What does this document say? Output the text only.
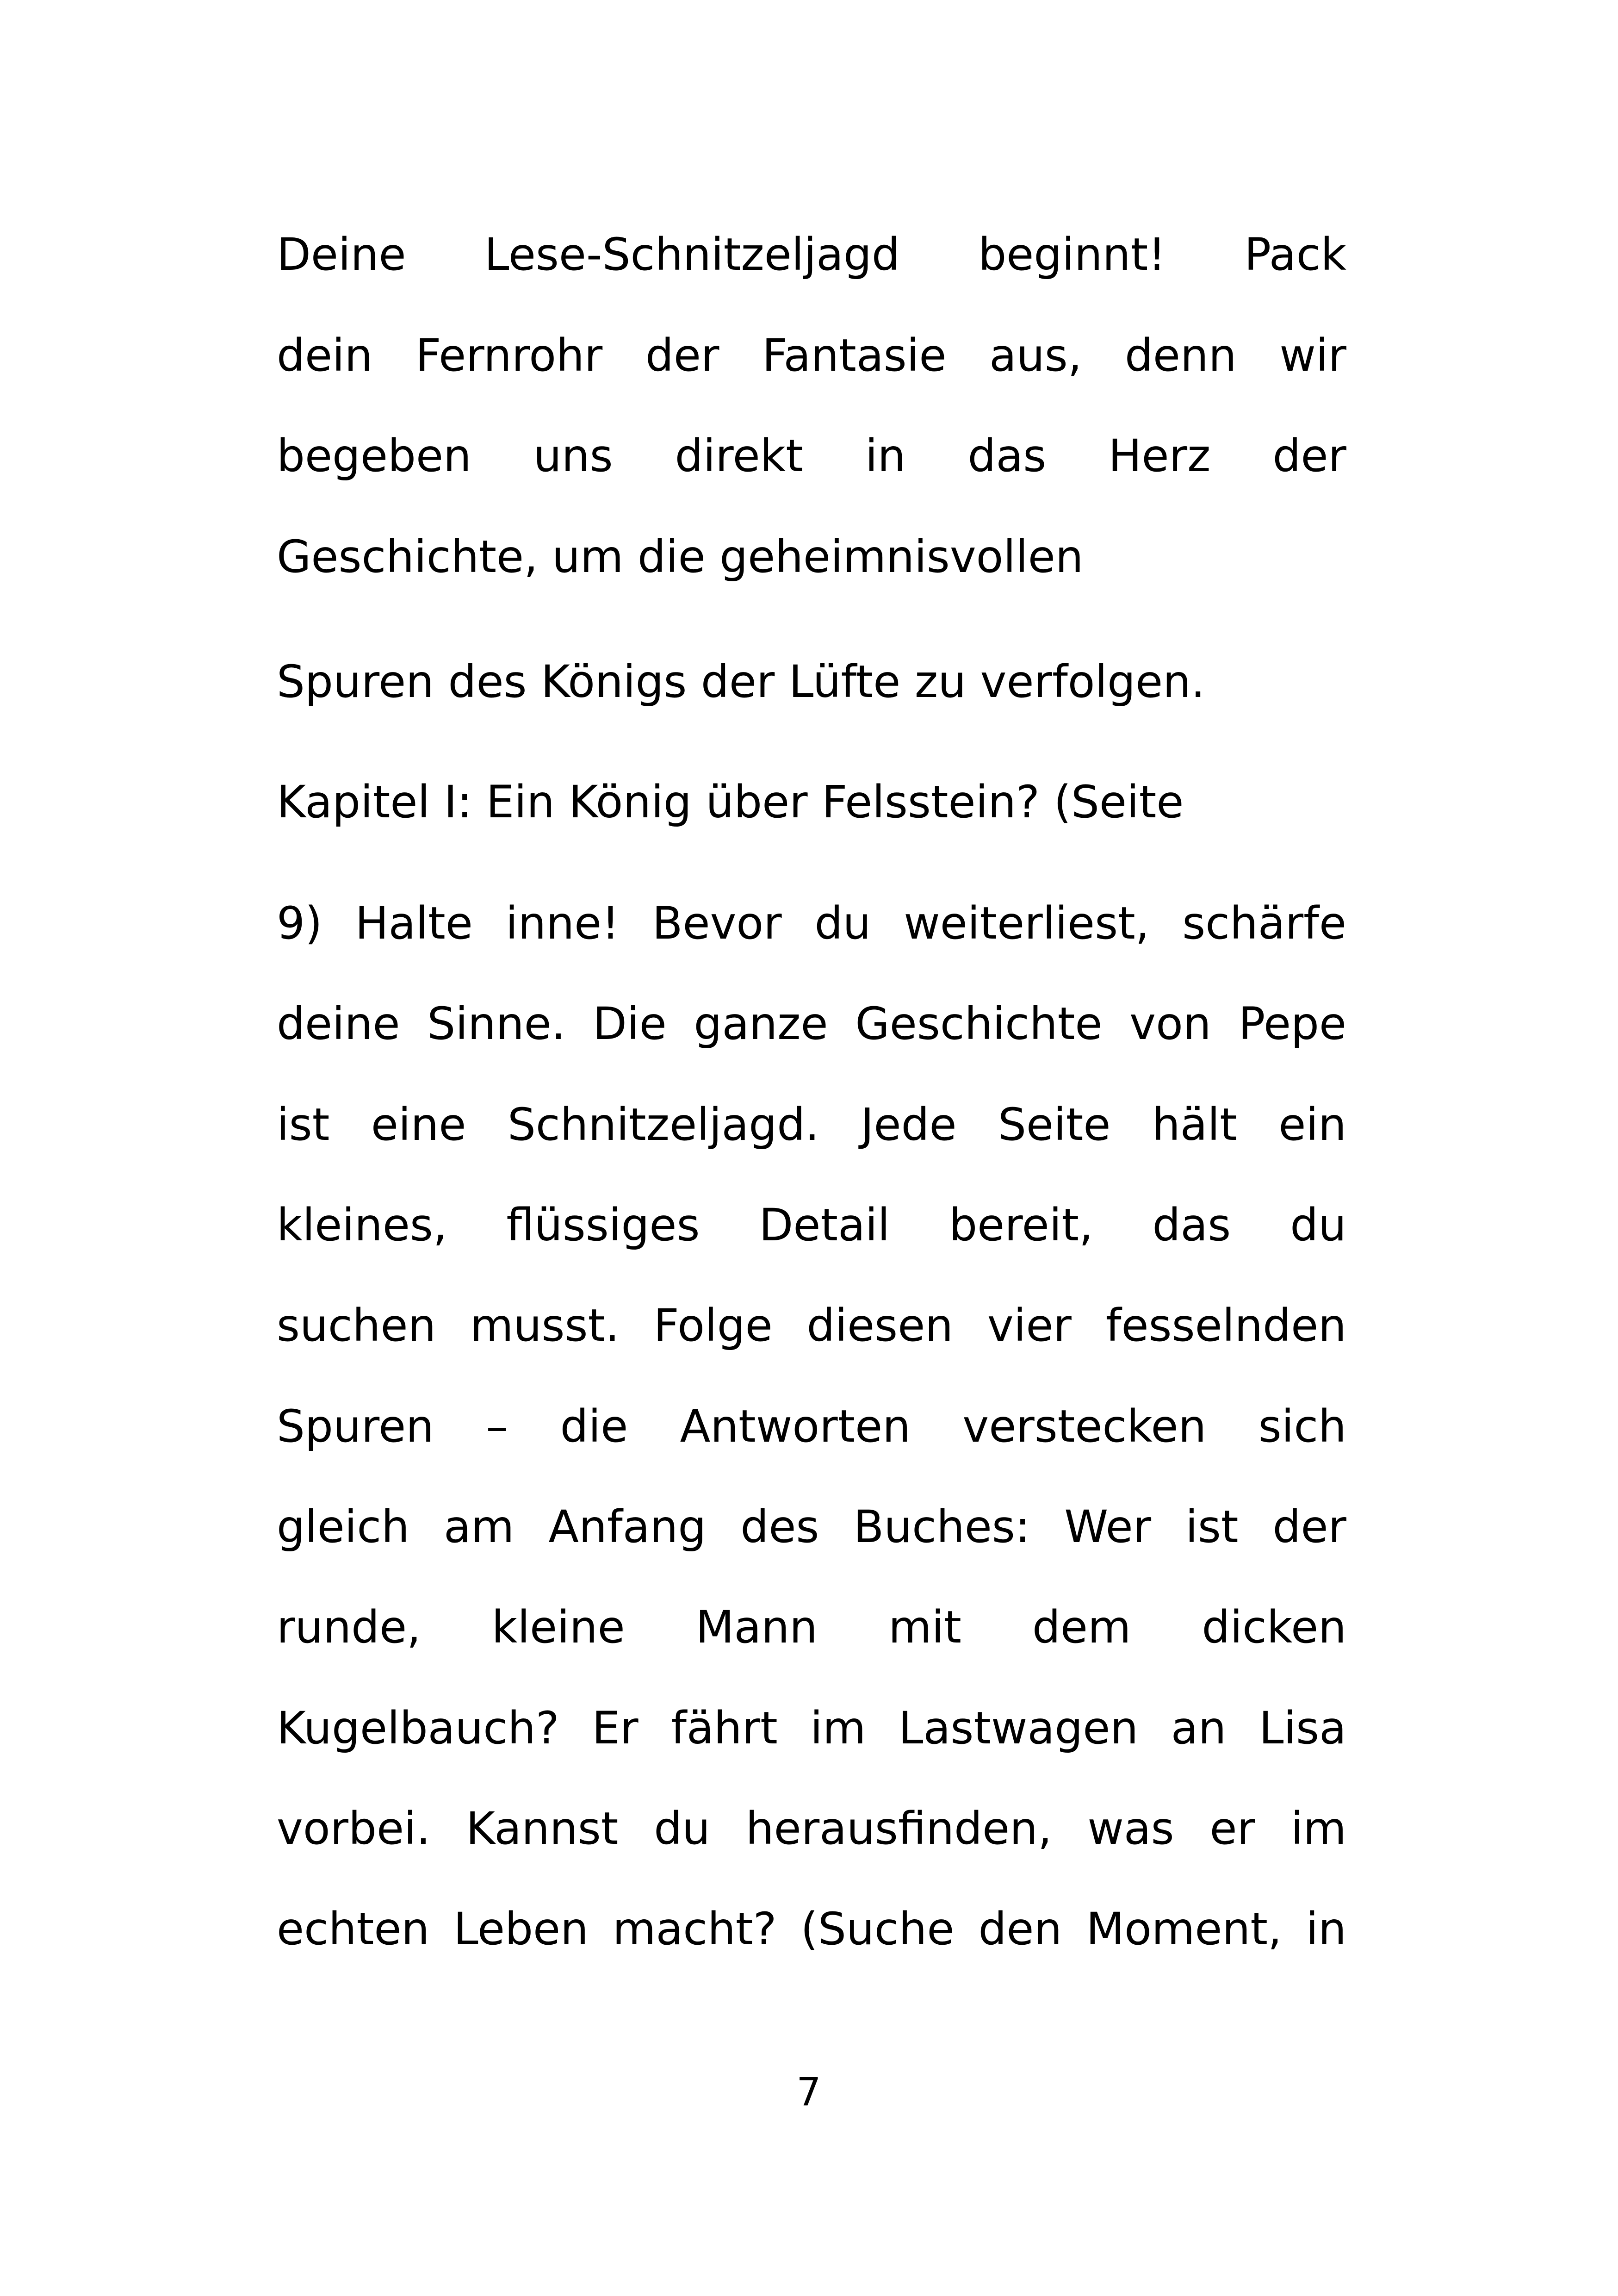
Deine Lese-Schnitzeljagd beginnt! Pack
dein Fernrohr der Fantasie aus, denn wir
begeben uns direkt in das Herz der
Geschichte, um die geheimnisvollen
Spuren des Königs der Lüfte zu verfolgen.
Kapitel I: Ein König über Felsstein? (Seite
9) Halte inne! Bevor du weiterliest, schärfe
deine Sinne. Die ganze Geschichte von Pepe
ist eine Schnitzeljagd. Jede Seite hält ein
kleines, flüssiges Detail bereit, das du
suchen musst. Folge diesen vier fesselnden
Spuren – die Antworten verstecken sich
gleich am Anfang des Buches: Wer ist der
runde, kleine Mann mit dem dicken
Kugelbauch? Er fährt im Lastwagen an Lisa
vorbei. Kannst du herausfinden, was er im
echten Leben macht? (Suche den Moment, in
7
